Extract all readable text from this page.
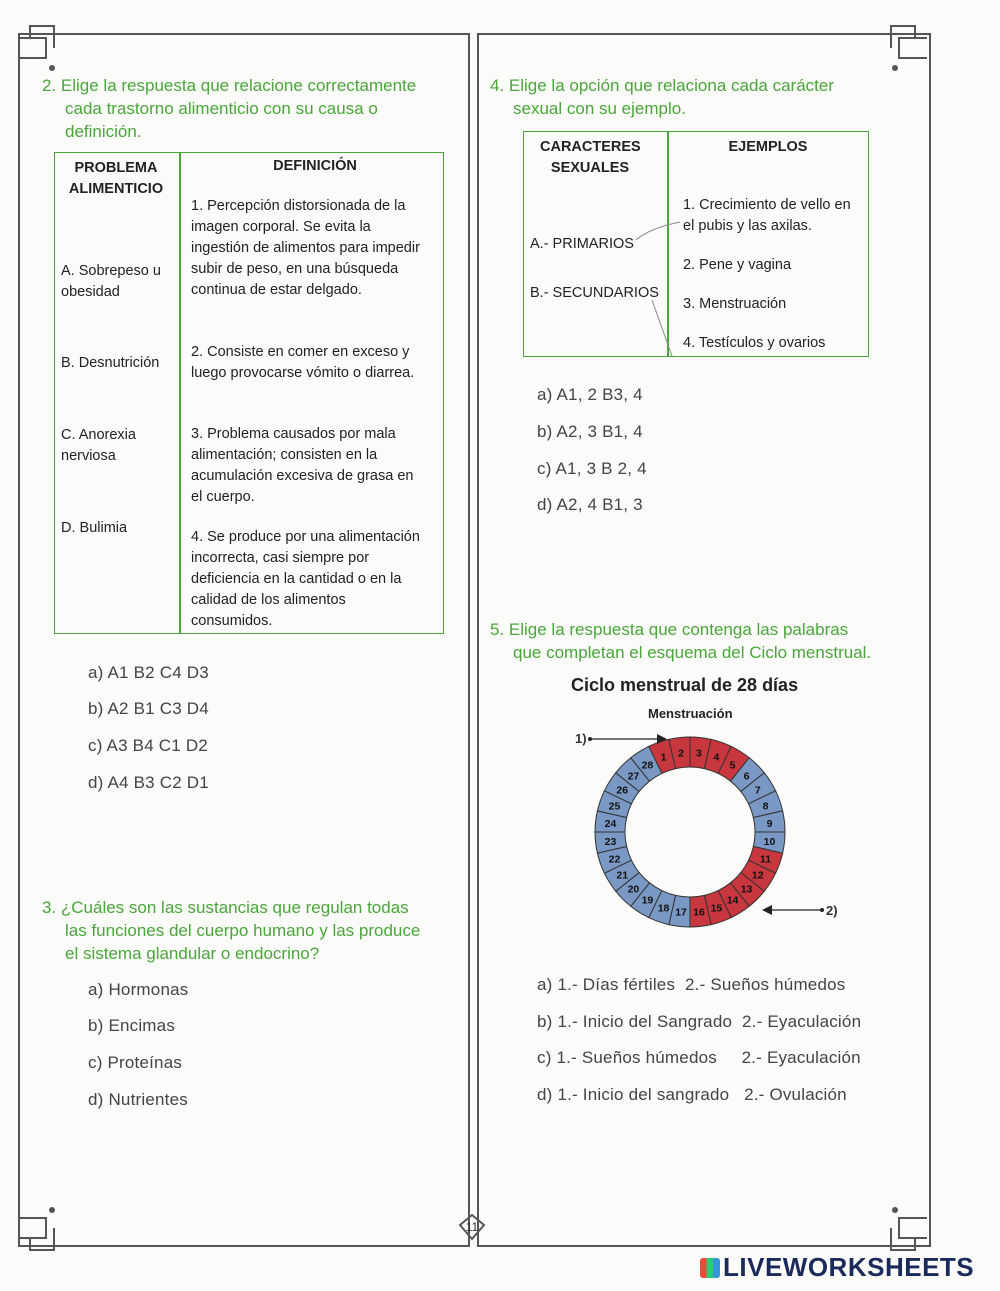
11
2. Elige la respuesta que relacione correctamente
cada trastorno alimenticio con su causa o
definición.
PROBLEMA ALIMENTICIO
DEFINICIÓN
A. Sobrepeso u obesidad
B. Desnutrición
C. Anorexia nerviosa
D. Bulimia
1. Percepción distorsionada de la imagen corporal. Se evita la ingestión de alimentos para impedir subir de peso, en una búsqueda continua de estar delgado.
2. Consiste en comer en exceso y luego provocarse vómito o diarrea.
3. Problema causados por mala alimentación; consisten en la acumulación excesiva de grasa en el cuerpo.
4. Se produce por una alimentación incorrecta, casi siempre por deficiencia en la cantidad o en la calidad de los alimentos consumidos.
a) A1 B2 C4 D3
b) A2 B1 C3 D4
c) A3 B4 C1 D2
d) A4 B3 C2 D1
3. ¿Cuáles son las sustancias que regulan todas
las funciones del cuerpo humano y las produce
el sistema glandular o endocrino?
a) Hormonas
b) Encimas
c) Proteínas
d) Nutrientes
4. Elige la opción que relaciona cada carácter
sexual con su ejemplo.
CARACTERES SEXUALES
EJEMPLOS
A.- PRIMARIOS
B.- SECUNDARIOS
1. Crecimiento de vello en el pubis y las axilas.
2. Pene y vagina
3. Menstruación
4. Testículos y ovarios
a) A1, 2 B3, 4
b) A2, 3 B1, 4
c) A1, 3 B 2, 4
d) A2, 4 B1, 3
5. Elige la respuesta que contenga las palabras
que completan el esquema del Ciclo menstrual.
Ciclo menstrual de 28 días
Menstruación
1 2 3 4
5
6
7
8
9
10
11
12
13
14
15
16
17
18
19
20
21
22
23
24
25
26
27
28
1)
2)
a) 1.- Días fértiles  2.- Sueños húmedos
b) 1.- Inicio del Sangrado  2.- Eyaculación
c) 1.- Sueños húmedos     2.- Eyaculación
d) 1.- Inicio del sangrado   2.- Ovulación
LIVEWORKSHEETS
